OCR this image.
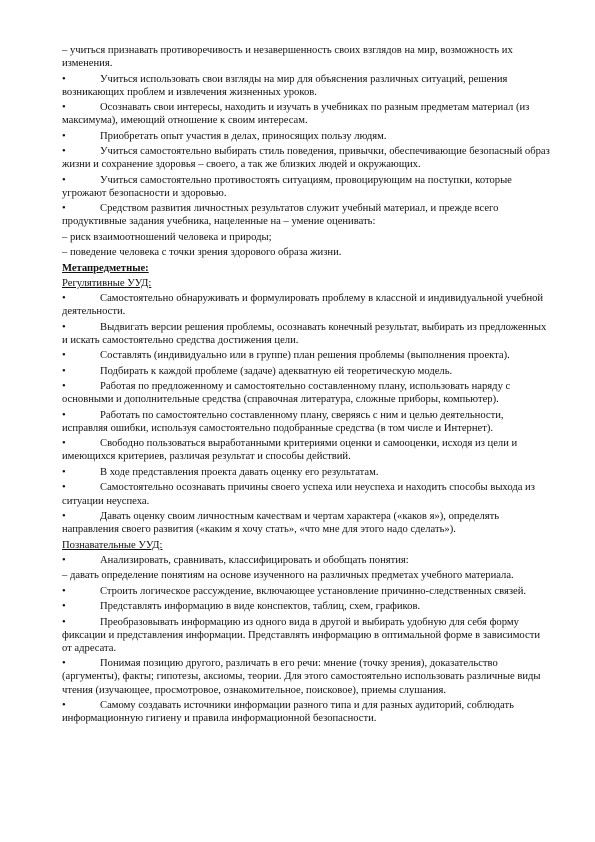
– учиться признавать противоречивость и незавершенность своих взглядов на мир, возможность их изменения.

•	Учиться использовать свои взгляды на мир для объяснения различных ситуаций, решения возникающих проблем и извлечения жизненных уроков.

•	Осознавать свои интересы, находить и изучать в учебниках по разным предметам материал (из максимума), имеющий отношение к своим интересам.

•	Приобретать опыт участия в делах, приносящих пользу людям.

•	Учиться самостоятельно выбирать стиль поведения, привычки, обеспечивающие безопасный образ жизни и сохранение здоровья – своего, а так же близких людей и окружающих.

•	Учиться самостоятельно противостоять ситуациям, провоцирующим на поступки, которые угрожают безопасности и здоровью.

•	Средством развития личностных результатов служит учебный материал, и прежде всего продуктивные задания учебника, нацеленные на – умение оценивать:

– риск взаимоотношений человека и природы;

– поведение человека с точки зрения здорового образа жизни.

Метапредметные:

Регулятивные УУД:

•	Самостоятельно обнаруживать и формулировать проблему в классной и индивидуальной учебной деятельности.

•	Выдвигать версии решения проблемы, осознавать конечный результат, выбирать из предложенных и искать самостоятельно средства достижения цели.

•	Составлять (индивидуально или в группе) план решения проблемы (выполнения проекта).

•	Подбирать к каждой проблеме (задаче) адекватную ей теоретическую модель.

•	Работая по предложенному и самостоятельно составленному плану, использовать наряду с основными и дополнительные средства (справочная литература, сложные приборы, компьютер).

•	Работать по самостоятельно составленному плану, сверяясь с ним и целью деятельности, исправляя ошибки, используя самостоятельно подобранные средства (в том числе и Интернет).

•	Свободно пользоваться выработанными критериями оценки и самооценки, исходя из цели и имеющихся критериев, различая результат и способы действий.

•	В ходе представления проекта давать оценку его результатам.

•	Самостоятельно осознавать причины своего успеха или неуспеха и находить способы выхода из ситуации неуспеха.

•	Давать оценку своим личностным качествам и чертам характера («каков я»), определять направления своего развития («каким я хочу стать», «что мне для этого надо сделать»).

Познавательные УУД:

•	Анализировать, сравнивать, классифицировать и обобщать понятия:

– давать определение понятиям на основе изученного на различных предметах учебного материала.

•	Строить логическое рассуждение, включающее установление причинно-следственных связей.

•	Представлять информацию в виде конспектов, таблиц, схем, графиков.

•	Преобразовывать информацию из одного вида в другой и выбирать удобную для себя форму фиксации и представления информации. Представлять информацию в оптимальной форме в зависимости от адресата.

•	Понимая позицию другого, различать в его речи: мнение (точку зрения), доказательство (аргументы), факты; гипотезы, аксиомы, теории. Для этого самостоятельно использовать различные виды чтения (изучающее, просмотровое, ознакомительное, поисковое), приемы слушания.

•	Самому создавать источники информации разного типа и для разных аудиторий, соблюдать информационную гигиену и правила информационной безопасности.
